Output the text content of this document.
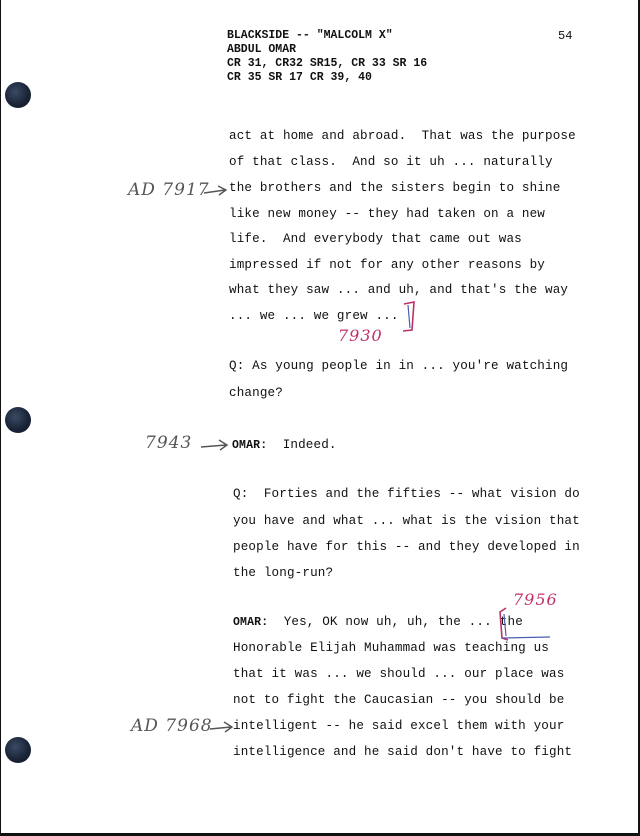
BLACKSIDE -- "MALCOLM X"
ABDUL OMAR
CR 31, CR32 SR15, CR 33 SR 16
CR 35 SR 17 CR 39, 40
54
act at home and abroad.  That was the purpose
of that class.  And so it uh ... naturally
the brothers and the sisters begin to shine
like new money -- they had taken on a new
life.  And everybody that came out was
impressed if not for any other reasons by
what they saw ... and uh, and that's the way
... we ... we grew ...
Q: As young people in in ... you're watching
change?
OMAR: Indeed.
Q:  Forties and the fifties -- what vision do
you have and what ... what is the vision that
people have for this -- and they developed in
the long-run?
OMAR: Yes, OK now uh, uh, the ... the
Honorable Elijah Muhammad was teaching us
that it was ... we should ... our place was
not to fight the Caucasian -- you should be
intelligent -- he said excel them with your
intelligence and he said don't have to fight
AD 7917
7930
7943
7956
AD 7968
